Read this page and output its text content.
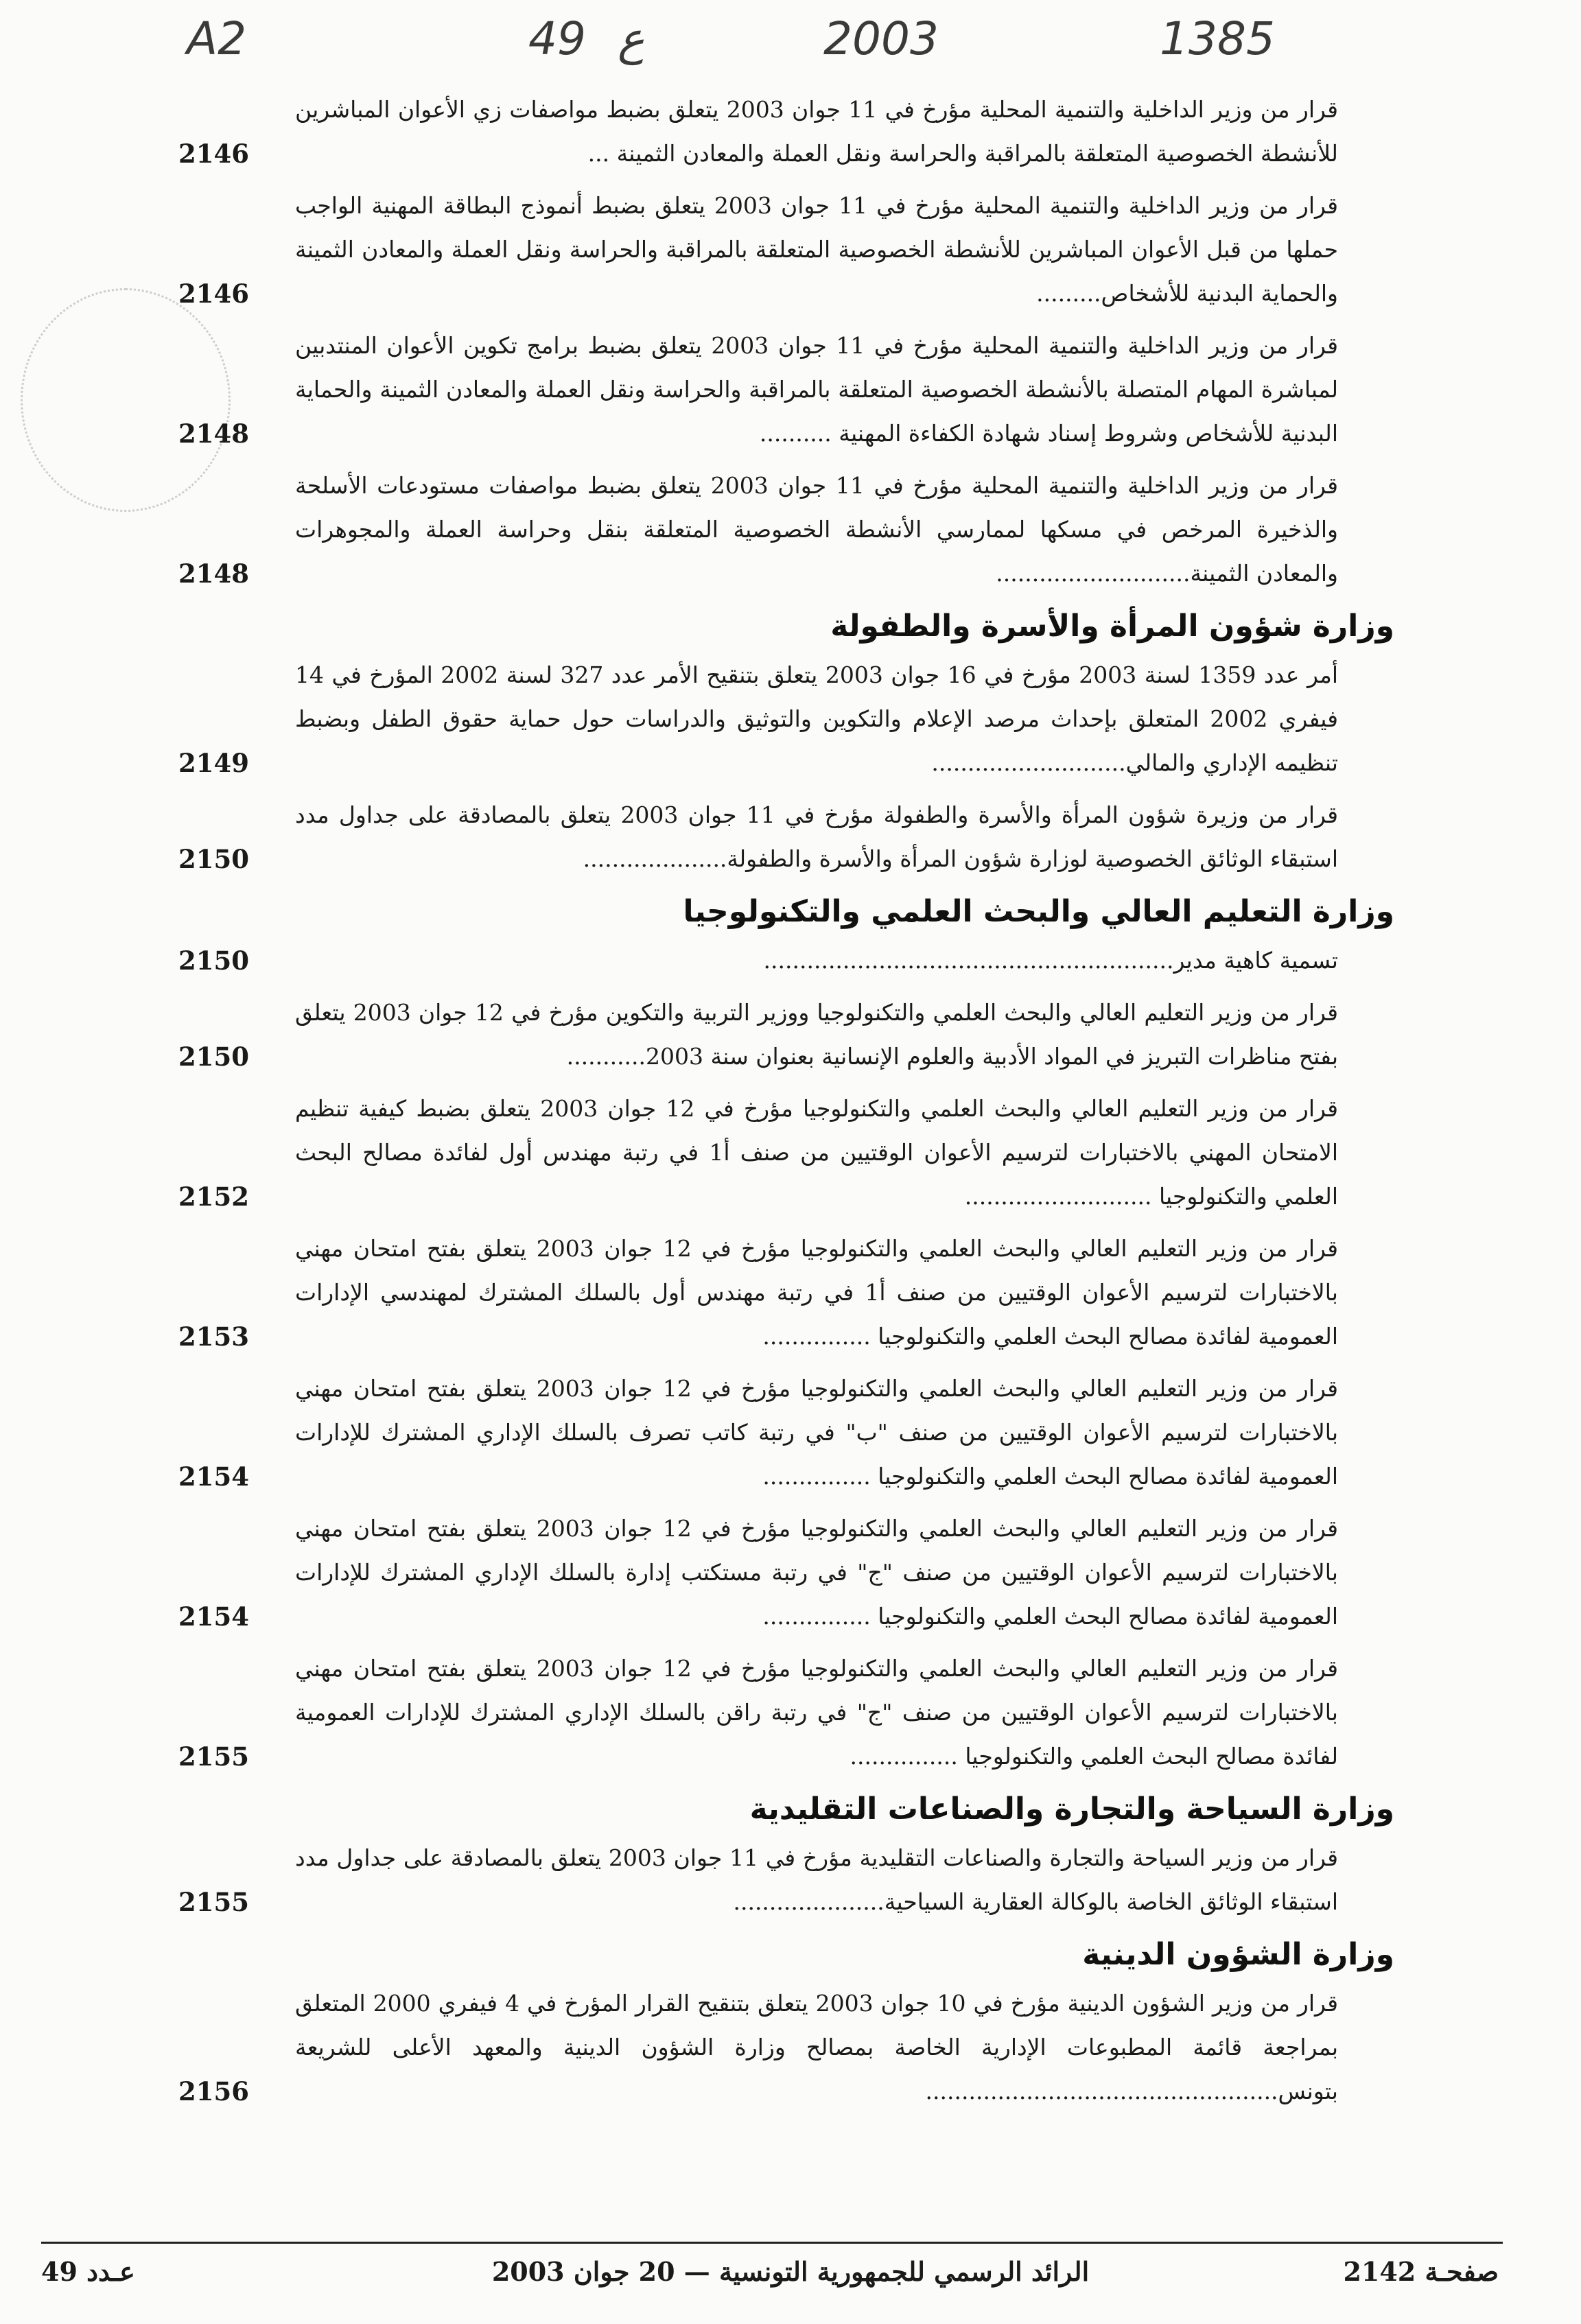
A2	49 ع	2003	1385
قرار من وزير الداخلية والتنمية المحلية مؤرخ في 11 جوان 2003 يتعلق بضبط مواصفات زي الأعوان المباشرين للأنشطة الخصوصية المتعلقة بالمراقبة والحراسة ونقل العملة والمعادن الثمينة ...
2146
قرار من وزير الداخلية والتنمية المحلية مؤرخ في 11 جوان 2003 يتعلق بضبط أنموذج البطاقة المهنية الواجب حملها من قبل الأعوان المباشرين للأنشطة الخصوصية المتعلقة بالمراقبة والحراسة ونقل العملة والمعادن الثمينة والحماية البدنية للأشخاص.........
2146
قرار من وزير الداخلية والتنمية المحلية مؤرخ في 11 جوان 2003 يتعلق بضبط برامج تكوين الأعوان المنتدبين لمباشرة المهام المتصلة بالأنشطة الخصوصية المتعلقة بالمراقبة والحراسة ونقل العملة والمعادن الثمينة والحماية البدنية للأشخاص وشروط إسناد شهادة الكفاءة المهنية ..........
2148
قرار من وزير الداخلية والتنمية المحلية مؤرخ في 11 جوان 2003 يتعلق بضبط مواصفات مستودعات الأسلحة والذخيرة المرخص في مسكها لممارسي الأنشطة الخصوصية المتعلقة بنقل وحراسة العملة والمجوهرات والمعادن الثمينة...........................
2148
وزارة شؤون المرأة والأسرة والطفولة
أمر عدد 1359 لسنة 2003 مؤرخ في 16 جوان 2003 يتعلق بتنقيح الأمر عدد 327 لسنة 2002 المؤرخ في 14 فيفري 2002 المتعلق بإحداث مرصد الإعلام والتكوين والتوثيق والدراسات حول حماية حقوق الطفل وبضبط تنظيمه الإداري والمالي...........................
2149
قرار من وزيرة شؤون المرأة والأسرة والطفولة مؤرخ في 11 جوان 2003 يتعلق بالمصادقة على جداول مدد استبقاء الوثائق الخصوصية لوزارة شؤون المرأة والأسرة والطفولة....................
2150
وزارة التعليم العالي والبحث العلمي والتكنولوجيا
تسمية كاهية مدير.........................................................
2150
قرار من وزير التعليم العالي والبحث العلمي والتكنولوجيا ووزير التربية والتكوين مؤرخ في 12 جوان 2003 يتعلق بفتح مناظرات التبريز في المواد الأدبية والعلوم الإنسانية بعنوان سنة 2003...........
2150
قرار من وزير التعليم العالي والبحث العلمي والتكنولوجيا مؤرخ في 12 جوان 2003 يتعلق بضبط كيفية تنظيم الامتحان المهني بالاختبارات لترسيم الأعوان الوقتيين من صنف أ1 في رتبة مهندس أول لفائدة مصالح البحث العلمي والتكنولوجيا ..........................
2152
قرار من وزير التعليم العالي والبحث العلمي والتكنولوجيا مؤرخ في 12 جوان 2003 يتعلق بفتح امتحان مهني بالاختبارات لترسيم الأعوان الوقتيين من صنف أ1 في رتبة مهندس أول بالسلك المشترك لمهندسي الإدارات العمومية لفائدة مصالح البحث العلمي والتكنولوجيا ...............
2153
قرار من وزير التعليم العالي والبحث العلمي والتكنولوجيا مؤرخ في 12 جوان 2003 يتعلق بفتح امتحان مهني بالاختبارات لترسيم الأعوان الوقتيين من صنف "ب" في رتبة كاتب تصرف بالسلك الإداري المشترك للإدارات العمومية لفائدة مصالح البحث العلمي والتكنولوجيا ...............
2154
قرار من وزير التعليم العالي والبحث العلمي والتكنولوجيا مؤرخ في 12 جوان 2003 يتعلق بفتح امتحان مهني بالاختبارات لترسيم الأعوان الوقتيين من صنف "ج" في رتبة مستكتب إدارة بالسلك الإداري المشترك للإدارات العمومية لفائدة مصالح البحث العلمي والتكنولوجيا ...............
2154
قرار من وزير التعليم العالي والبحث العلمي والتكنولوجيا مؤرخ في 12 جوان 2003 يتعلق بفتح امتحان مهني بالاختبارات لترسيم الأعوان الوقتيين من صنف "ج" في رتبة راقن بالسلك الإداري المشترك للإدارات العمومية لفائدة مصالح البحث العلمي والتكنولوجيا ...............
2155
وزارة السياحة والتجارة والصناعات التقليدية
قرار من وزير السياحة والتجارة والصناعات التقليدية مؤرخ في 11 جوان 2003 يتعلق بالمصادقة على جداول مدد استبقاء الوثائق الخاصة بالوكالة العقارية السياحية.....................
2155
وزارة الشؤون الدينية
قرار من وزير الشؤون الدينية مؤرخ في 10 جوان 2003 يتعلق بتنقيح القرار المؤرخ في 4 فيفري 2000 المتعلق بمراجعة قائمة المطبوعات الإدارية الخاصة بمصالح وزارة الشؤون الدينية والمعهد الأعلى للشريعة بتونس.................................................
2156
صفحـة 2142
الرائد الرسمي للجمهورية التونسية — 20 جوان 2003
عـدد 49
